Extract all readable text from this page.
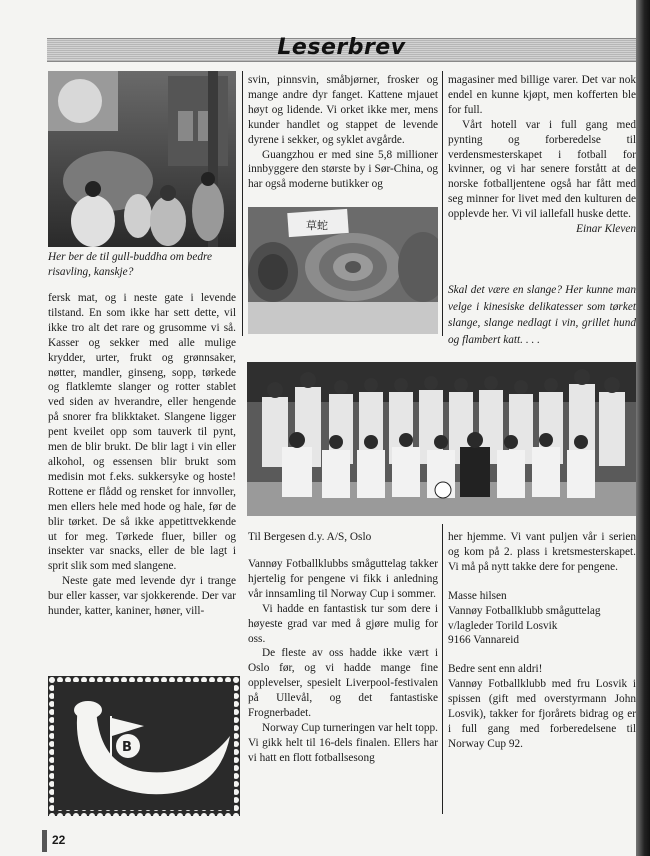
Leserbrev
Her ber de til gull-buddha om bedre risavling, kanskje?
草蛇
Skal det være en slange? Her kunne man velge i kinesiske delikatesser som tørket slange, slange nedlagt i vin, grillet hund og flambert katt. . . .

fersk mat, og i neste gate i levende tilstand. En som ikke har sett dette, vil ikke tro alt det rare og grusomme vi så. Kasser og sekker med alle mulige krydder, urter, frukt og grønnsaker, nøtter, mandler, ginseng, sopp, tørkede og flatklemte slanger og rotter stablet ved siden av hverandre, eller hengende på snorer fra blikktaket. Slangene ligger pent kveilet opp som tauverk til pynt, men de blir brukt. De blir lagt i vin eller alkohol, og essensen blir brukt som medisin mot f.eks. sukkersyke og hoste! Rottene er flådd og rensket for innvoller, men ellers hele med hode og hale, før de blir tørket. De så ikke appetittvekkende ut for meg. Tørkede fluer, biller og insekter var snacks, eller de ble lagt i sprit slik som med slangene.

Neste gate med levende dyr i trange bur eller kasser, var sjokkerende. Der var hunder, katter, kaniner, høner, vill-

svin, pinnsvin, småbjørner, frosker og mange andre dyr fanget. Kattene mjauet høyt og lidende. Vi orket ikke mer, mens kunder handlet og stappet de levende dyrene i sekker, og syklet avgårde.

Guangzhou er med sine 5,8 millioner innbyggere den største by i Sør-China, og har også moderne butikker og

magasiner med billige varer. Det var nok endel en kunne kjøpt, men kofferten ble for full.

Vårt hotell var i full gang med pynting og forberedelse til verdensmesterskapet i fotball for kvinner, og vi har senere forstått at de norske fotballjentene også har fått med seg minner for livet med den kulturen de opplevde her. Vi vil iallefall huske dette.

Einar Kleven

Til Bergesen d.y. A/S, Oslo

Vannøy Fotballklubbs småguttelag takker hjertelig for pengene vi fikk i anledning vår innsamling til Norway Cup i sommer.

Vi hadde en fantastisk tur som dere i høyeste grad var med å gjøre mulig for oss.

De fleste av oss hadde ikke vært i Oslo før, og vi hadde mange fine opplevelser, spesielt Liverpool-festivalen på Ullevål, og det fantastiske Frognerbadet.

Norway Cup turneringen var helt topp. Vi gikk helt til 16-dels finalen. Ellers har vi hatt en flott fotballsesong

her hjemme. Vi vant puljen vår i serien og kom på 2. plass i kretsmesterskapet. Vi må på nytt takke dere for pengene.

Masse hilsen

Vannøy Fotballklubb småguttelag

v/lagleder Torild Losvik

9166 Vannareid

Bedre sent enn aldri!

Vannøy Fotballklubb med fru Losvik i spissen (gift med overstyrmann John Losvik), takker for fjorårets bidrag og er i full gang med forberedelsene til Norway Cup 92.

B
22
